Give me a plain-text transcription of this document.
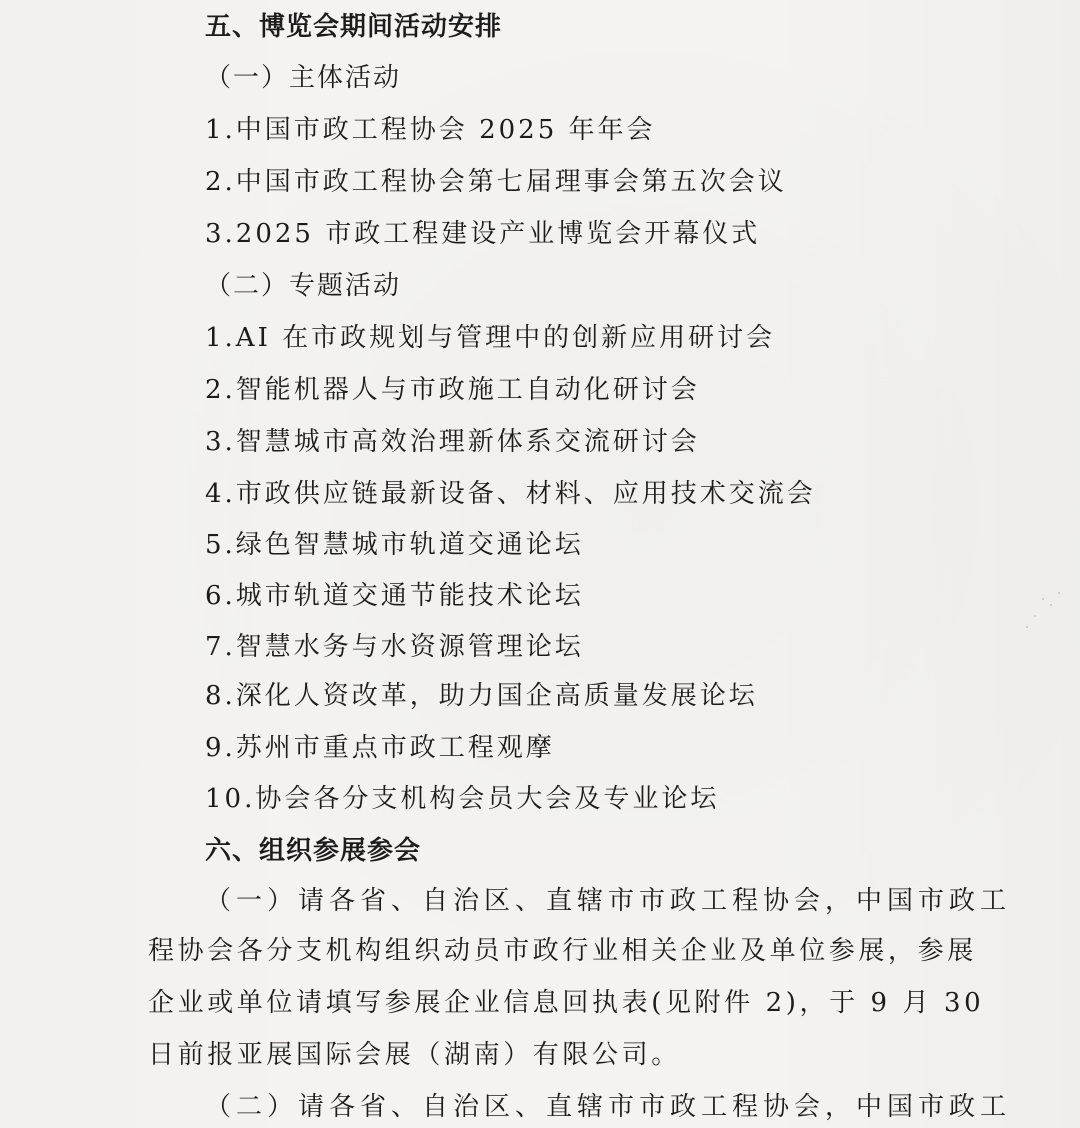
五、博览会期间活动安排
（一）主体活动
1.中国市政工程协会 2025 年年会
2.中国市政工程协会第七届理事会第五次会议
3.2025 市政工程建设产业博览会开幕仪式
（二）专题活动
1.AI 在市政规划与管理中的创新应用研讨会
2.智能机器人与市政施工自动化研讨会
3.智慧城市高效治理新体系交流研讨会
4.市政供应链最新设备、材料、应用技术交流会
5.绿色智慧城市轨道交通论坛
6.城市轨道交通节能技术论坛
7.智慧水务与水资源管理论坛
8.深化人资改革，助力国企高质量发展论坛
9.苏州市重点市政工程观摩
10.协会各分支机构会员大会及专业论坛
六、组织参展参会
（一）请各省、自治区、直辖市市政工程协会，中国市政工
程协会各分支机构组织动员市政行业相关企业及单位参展，参展
企业或单位请填写参展企业信息回执表(见附件 2)，于 9 月 30
日前报亚展国际会展（湖南）有限公司。
（二）请各省、自治区、直辖市市政工程协会，中国市政工
